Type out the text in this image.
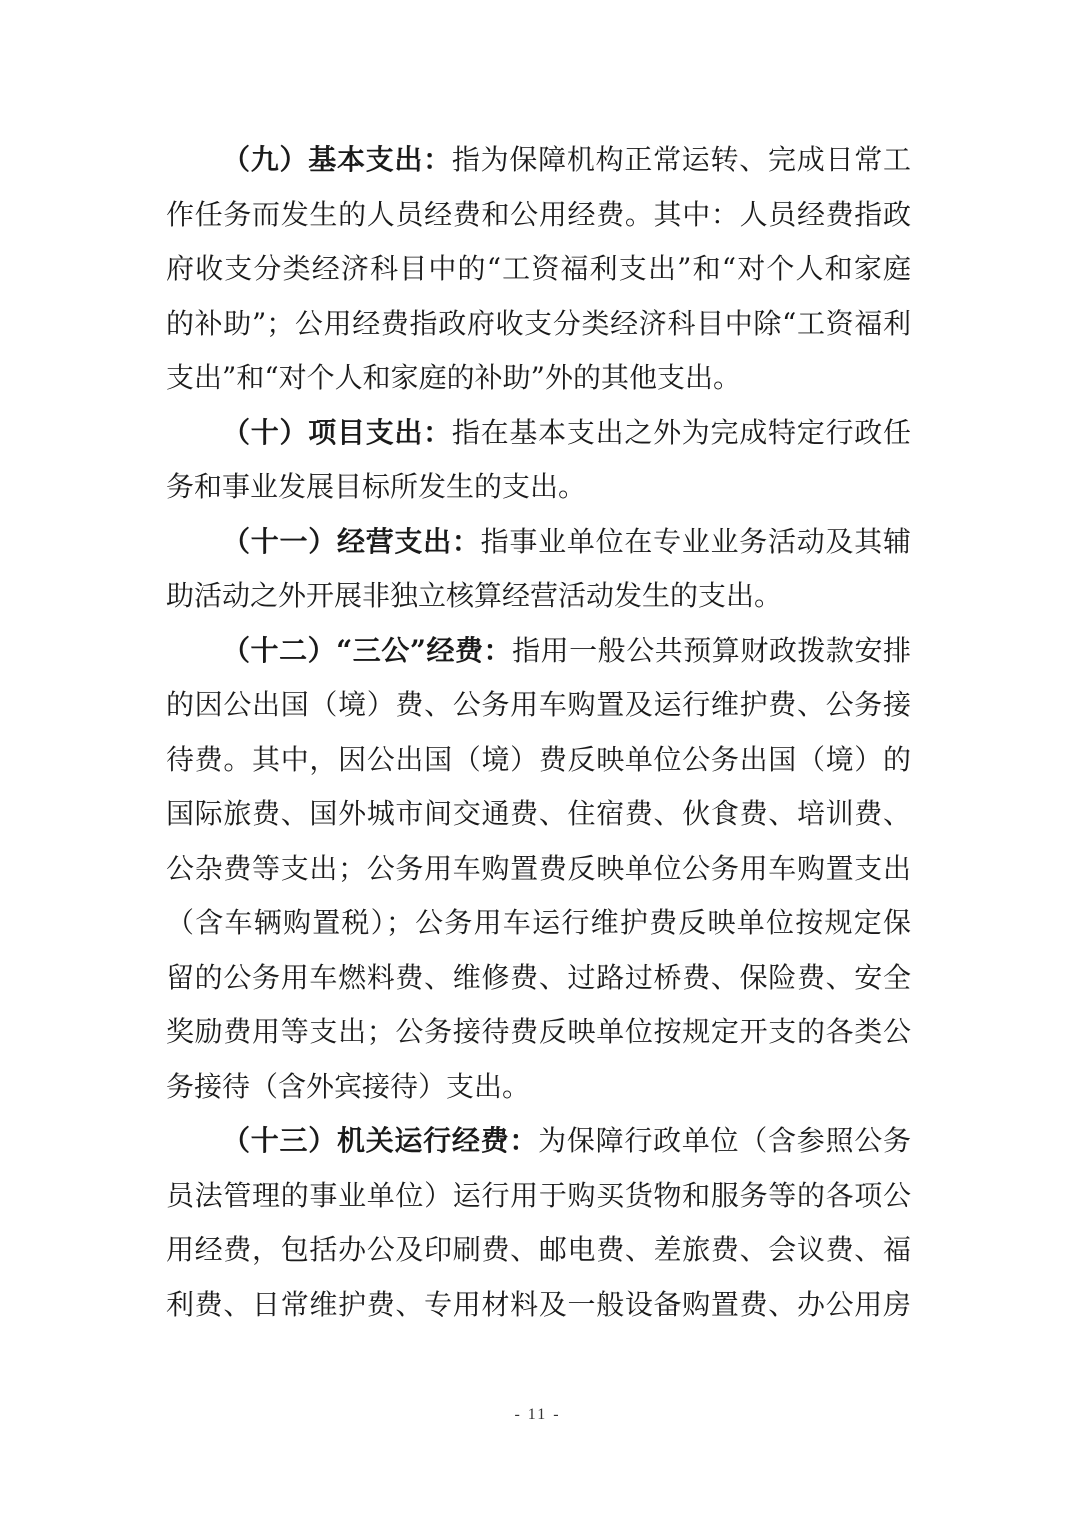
（九）基本支出：指为保障机构正常运转、完成日常工
作任务而发生的人员经费和公用经费。其中：人员经费指政
府收支分类经济科目中的“工资福利支出”和“对个人和家庭
的补助”；公用经费指政府收支分类经济科目中除“工资福利
支出”和“对个人和家庭的补助”外的其他支出。
（十）项目支出：指在基本支出之外为完成特定行政任
务和事业发展目标所发生的支出。
（十一）经营支出：指事业单位在专业业务活动及其辅
助活动之外开展非独立核算经营活动发生的支出。
（十二）“三公”经费：指用一般公共预算财政拨款安排
的因公出国（境）费、公务用车购置及运行维护费、公务接
待费。其中，因公出国（境）费反映单位公务出国（境）的
国际旅费、国外城市间交通费、住宿费、伙食费、培训费、
公杂费等支出；公务用车购置费反映单位公务用车购置支出
（含车辆购置税）；公务用车运行维护费反映单位按规定保
留的公务用车燃料费、维修费、过路过桥费、保险费、安全
奖励费用等支出；公务接待费反映单位按规定开支的各类公
务接待（含外宾接待）支出。
（十三）机关运行经费：为保障行政单位（含参照公务
员法管理的事业单位）运行用于购买货物和服务等的各项公
用经费，包括办公及印刷费、邮电费、差旅费、会议费、福
利费、日常维护费、专用材料及一般设备购置费、办公用房
- 11 -
